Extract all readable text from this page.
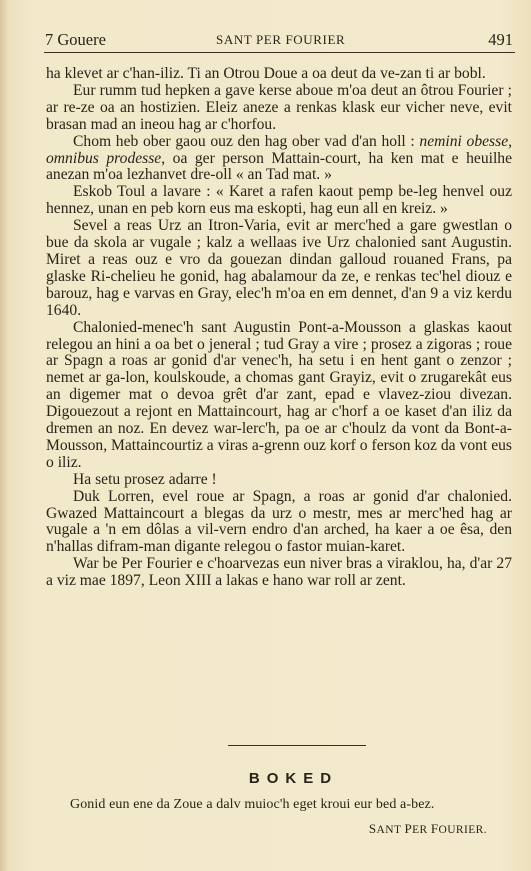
7 Gouere	SANT PER FOURIER	491

ha klevet ar c'han-iliz. Ti an Otrou Doue a oa deut da ve-zan ti ar bobl.

Eur rumm tud hepken a gave kerse aboue m'oa deut an ôtrou Fourier ; ar re-ze oa an hostizien. Eleiz aneze a renkas klask eur vicher neve, evit brasan mad an ineou hag ar c'horfou.

Chom heb ober gaou ouz den hag ober vad d'an holl : nemini obesse, omnibus prodesse, oa ger person Mattain-court, ha ken mat e heuilhe anezan m'oa lezhanvet dre-oll « an Tad mat. »

Eskob Toul a lavare : « Karet a rafen kaout pemp be-leg henvel ouz hennez, unan en peb korn eus ma eskopti, hag eun all en kreiz. »

Sevel a reas Urz an Itron-Varia, evit ar merc'hed a gare gwestlan o bue da skola ar vugale ; kalz a wellaas ive Urz chalonied sant Augustin. Miret a reas ouz e vro da gouezan dindan galloud rouaned Frans, pa glaske Ri-chelieu he gonid, hag abalamour da ze, e renkas tec'hel diouz e barouz, hag e varvas en Gray, elec'h m'oa en em dennet, d'an 9 a viz kerdu 1640.

Chalonied-menec'h sant Augustin Pont-a-Mousson a glaskas kaout relegou an hini a oa bet o jeneral ; tud Gray a vire ; prosez a zigoras ; roue ar Spagn a roas ar gonid d'ar venec'h, ha setu i en hent gant o zenzor ; nemet ar ga-lon, koulskoude, a chomas gant Grayiz, evit o zrugarekât eus an digemer mat o devoa grêt d'ar zant, epad e vlavez-ziou divezan. Digouezout a rejont en Mattaincourt, hag ar c'horf a oe kaset d'an iliz da dremen an noz. En devez war-lerc'h, pa oe ar c'houlz da vont da Bont-a-Mousson, Mattaincourtiz a viras a-grenn ouz korf o ferson koz da vont eus o iliz.

Ha setu prosez adarre !

Duk Lorren, evel roue ar Spagn, a roas ar gonid d'ar chalonied. Gwazed Mattaincourt a blegas da urz o mestr, mes ar merc'hed hag ar vugale a 'n em dôlas a vil-vern endro d'an arched, ha kaer a oe êsa, den n'hallas difram-man digante relegou o fastor muian-karet.

War be Per Fourier e c'hoarvezas eun niver bras a viraklou, ha, d'ar 27 a viz mae 1897, Leon XIII a lakas e hano war roll ar zent.

BOKED
Gonid eun ene da Zoue a dalv muioc'h eget kroui eur bed a-bez.
SANT PER FOURIER.
